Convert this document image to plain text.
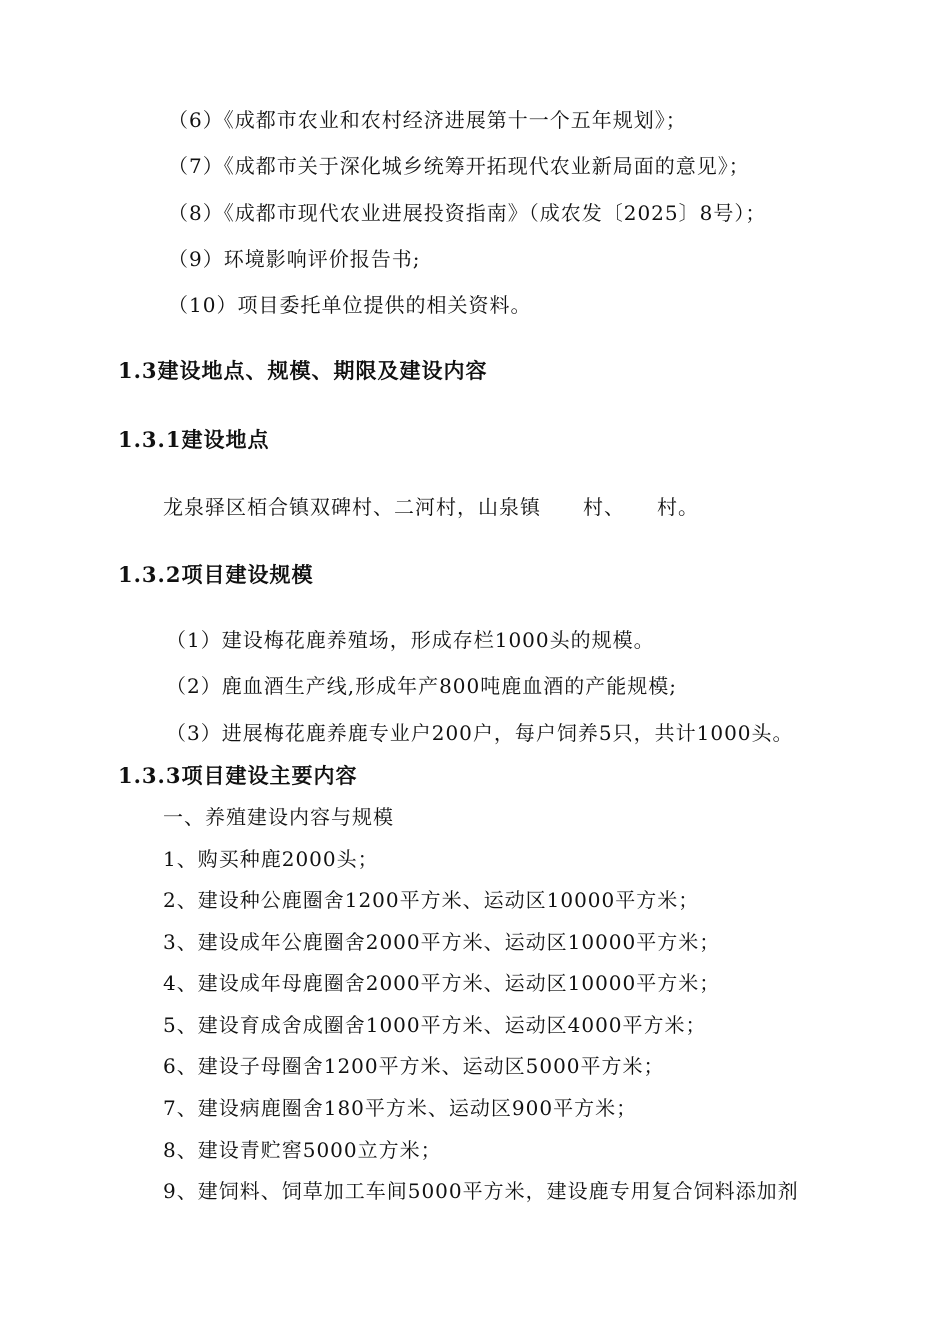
（6）《成都市农业和农村经济进展第十一个五年规划》；
（7）《成都市关于深化城乡统筹开拓现代农业新局面的意见》；
（8）《成都市现代农业进展投资指南》（成农发〔2025〕8号）；
（9）环境影响评价报告书;
（10）项目委托单位提供的相关资料。
1.3建设地点、规模、期限及建设内容
1.3.1建设地点
龙泉驿区栢合镇双碑村、二河村，山泉镇　　村、　　村。
1.3.2项目建设规模
（1）建设梅花鹿养殖场，形成存栏1000头的规模。
（2）鹿血酒生产线,形成年产800吨鹿血酒的产能规模;
（3）进展梅花鹿养鹿专业户200户，每户饲养5只，共计1000头。
1.3.3项目建设主要内容
一、养殖建设内容与规模
1、购买种鹿2000头；
2、建设种公鹿圈舍1200平方米、运动区10000平方米；
3、建设成年公鹿圈舍2000平方米、运动区10000平方米；
4、建设成年母鹿圈舍2000平方米、运动区10000平方米；
5、建设育成舍成圈舍1000平方米、运动区4000平方米；
6、建设子母圈舍1200平方米、运动区5000平方米；
7、建设病鹿圈舍180平方米、运动区900平方米；
8、建设青贮窖5000立方米；
9、建饲料、饲草加工车间5000平方米，建设鹿专用复合饲料添加剂
